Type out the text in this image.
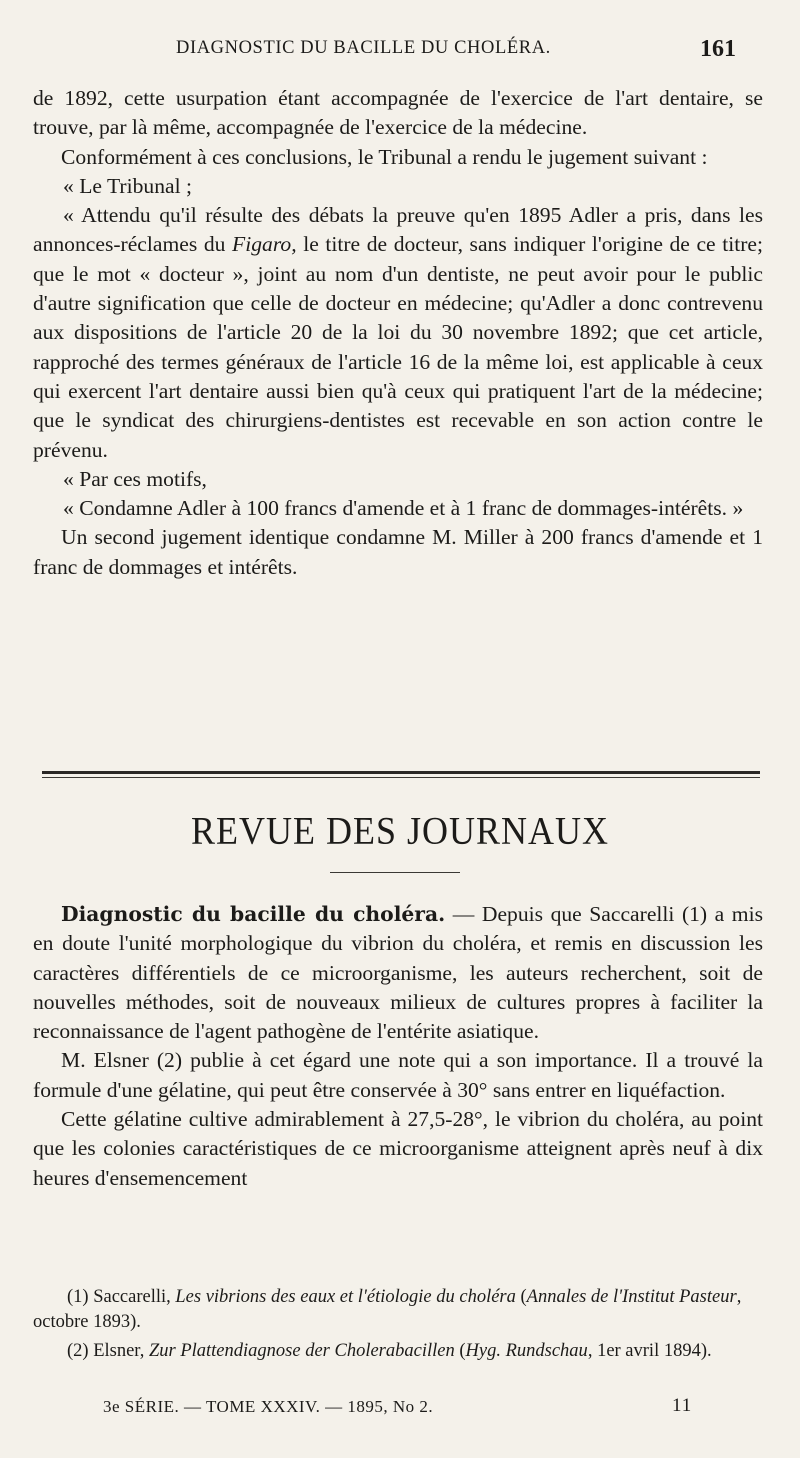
DIAGNOSTIC DU BACILLE DU CHOLÉRA.	161

de 1892, cette usurpation étant accompagnée de l'exercice de l'art dentaire, se trouve, par là même, accompagnée de l'exercice de la médecine.

Conformément à ces conclusions, le Tribunal a rendu le jugement suivant :

« Le Tribunal ;

« Attendu qu'il résulte des débats la preuve qu'en 1895 Adler a pris, dans les annonces-réclames du Figaro, le titre de docteur, sans indiquer l'origine de ce titre; que le mot « docteur », joint au nom d'un dentiste, ne peut avoir pour le public d'autre signification que celle de docteur en médecine; qu'Adler a donc contrevenu aux dispositions de l'article 20 de la loi du 30 novembre 1892; que cet article, rapproché des termes généraux de l'article 16 de la même loi, est applicable à ceux qui exercent l'art dentaire aussi bien qu'à ceux qui pratiquent l'art de la médecine; que le syndicat des chirurgiens-dentistes est recevable en son action contre le prévenu.

« Par ces motifs,

« Condamne Adler à 100 francs d'amende et à 1 franc de dommages-intérêts. »

Un second jugement identique condamne M. Miller à 200 francs d'amende et 1 franc de dommages et intérêts.

REVUE DES JOURNAUX

Diagnostic du bacille du choléra. — Depuis que Saccarelli (1) a mis en doute l'unité morphologique du vibrion du choléra, et remis en discussion les caractères différentiels de ce microorganisme, les auteurs recherchent, soit de nouvelles méthodes, soit de nouveaux milieux de cultures propres à faciliter la reconnaissance de l'agent pathogène de l'entérite asiatique.

M. Elsner (2) publie à cet égard une note qui a son importance. Il a trouvé la formule d'une gélatine, qui peut être conservée à 30° sans entrer en liquéfaction.

Cette gélatine cultive admirablement à 27,5-28°, le vibrion du choléra, au point que les colonies caractéristiques de ce microorganisme atteignent après neuf à dix heures d'ensemencement

(1) Saccarelli, Les vibrions des eaux et l'étiologie du choléra (Annales de l'Institut Pasteur, octobre 1893).

(2) Elsner, Zur Plattendiagnose der Cholerabacillen (Hyg. Rundschau, 1er avril 1894).

3e SÉRIE. — TOME XXXIV. — 1895, No 2.	11
